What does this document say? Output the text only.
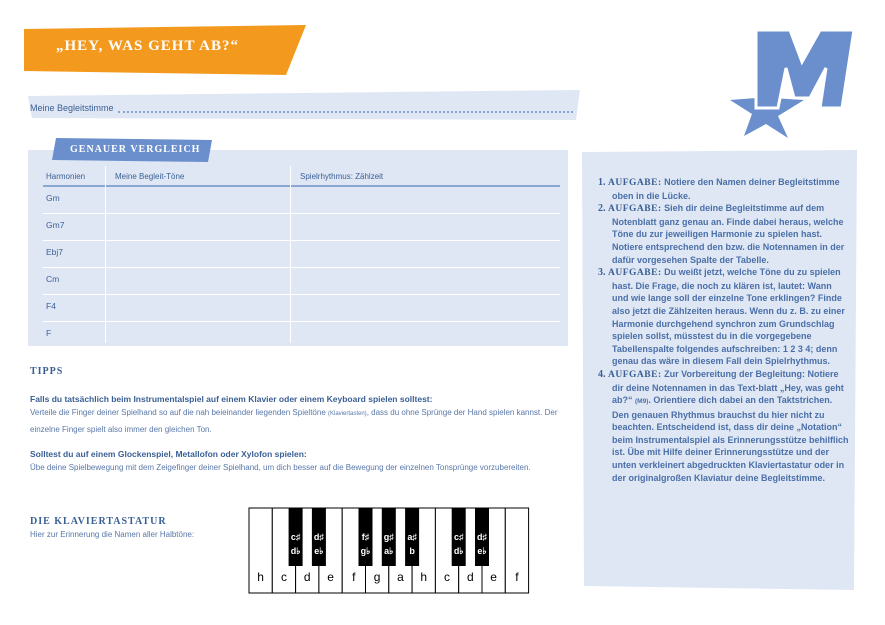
„HEY, WAS GEHT AB?“
Meine Begleitstimme
GENAUER VERGLEICH
Harmonien	Meine Begleit-Töne	Spielrhythmus: Zählzeit
Gm
Gm7
Ebj7
Cm
F4
F
TIPPS
Falls du tatsächlich beim Instrumentalspiel auf einem Klavier oder einem Keyboard spielen solltest:
Verteile die Finger deiner Spielhand so auf die nah beieinander liegenden Spieltöne (Klaviertasten), dass du ohne Sprünge der Hand spielen kannst. Der einzelne Finger spielt also immer den gleichen Ton.
Solltest du auf einem Glockenspiel, Metallofon oder Xylofon spielen:
Übe deine Spielbewegung mit dem Zeigefinger deiner Spielhand, um dich besser auf die Bewegung der einzelnen Tonsprünge vorzubereiten.
DIE KLAVIERTASTATUR
Hier zur Erinnerung die Namen aller Halbtöne:
h c d e f g a h c d e f
c♯
d♭
d♯
e♭
f♯
g♭
g♯
a♭
a♯
b
c♯
d♭
d♯
e♭

1. AUFGABE: Notiere den Namen deiner Begleitstimme oben in die Lücke.

2. AUFGABE: Sieh dir deine Begleitstimme auf dem Notenblatt ganz genau an. Finde dabei heraus, welche Töne du zur jeweiligen Harmonie zu spielen hast. Notiere entsprechend den bzw. die Notennamen in der dafür vorgesehen Spalte der Tabelle.

3. AUFGABE: Du weißt jetzt, welche Töne du zu spielen hast. Die Frage, die noch zu klären ist, lautet: Wann und wie lange soll der einzelne Tone erklingen? Finde also jetzt die Zählzeiten heraus. Wenn du z. B. zu einer Harmonie durchgehend synchron zum Grundschlag spielen sollst, müsstest du in die vorgegebene Tabellenspalte folgendes aufschreiben: 1 2 3 4; denn genau das wäre in diesem Fall dein Spielrhythmus.

4. AUFGABE: Zur Vorbereitung der Begleitung: Notiere dir deine Notennamen in das Text-blatt „Hey, was geht ab?“ (M9). Orientiere dich dabei an den Taktstrichen. Den genauen Rhythmus brauchst du hier nicht zu beachten. Entscheidend ist, dass dir deine „Notation“ beim Instrumentalspiel als Erinnerungsstütze behilflich ist. Übe mit Hilfe deiner Erinnerungsstütze und der unten verkleinert abgedruckten Klaviertastatur oder in der originalgroßen Klaviatur deine Begleitstimme.
